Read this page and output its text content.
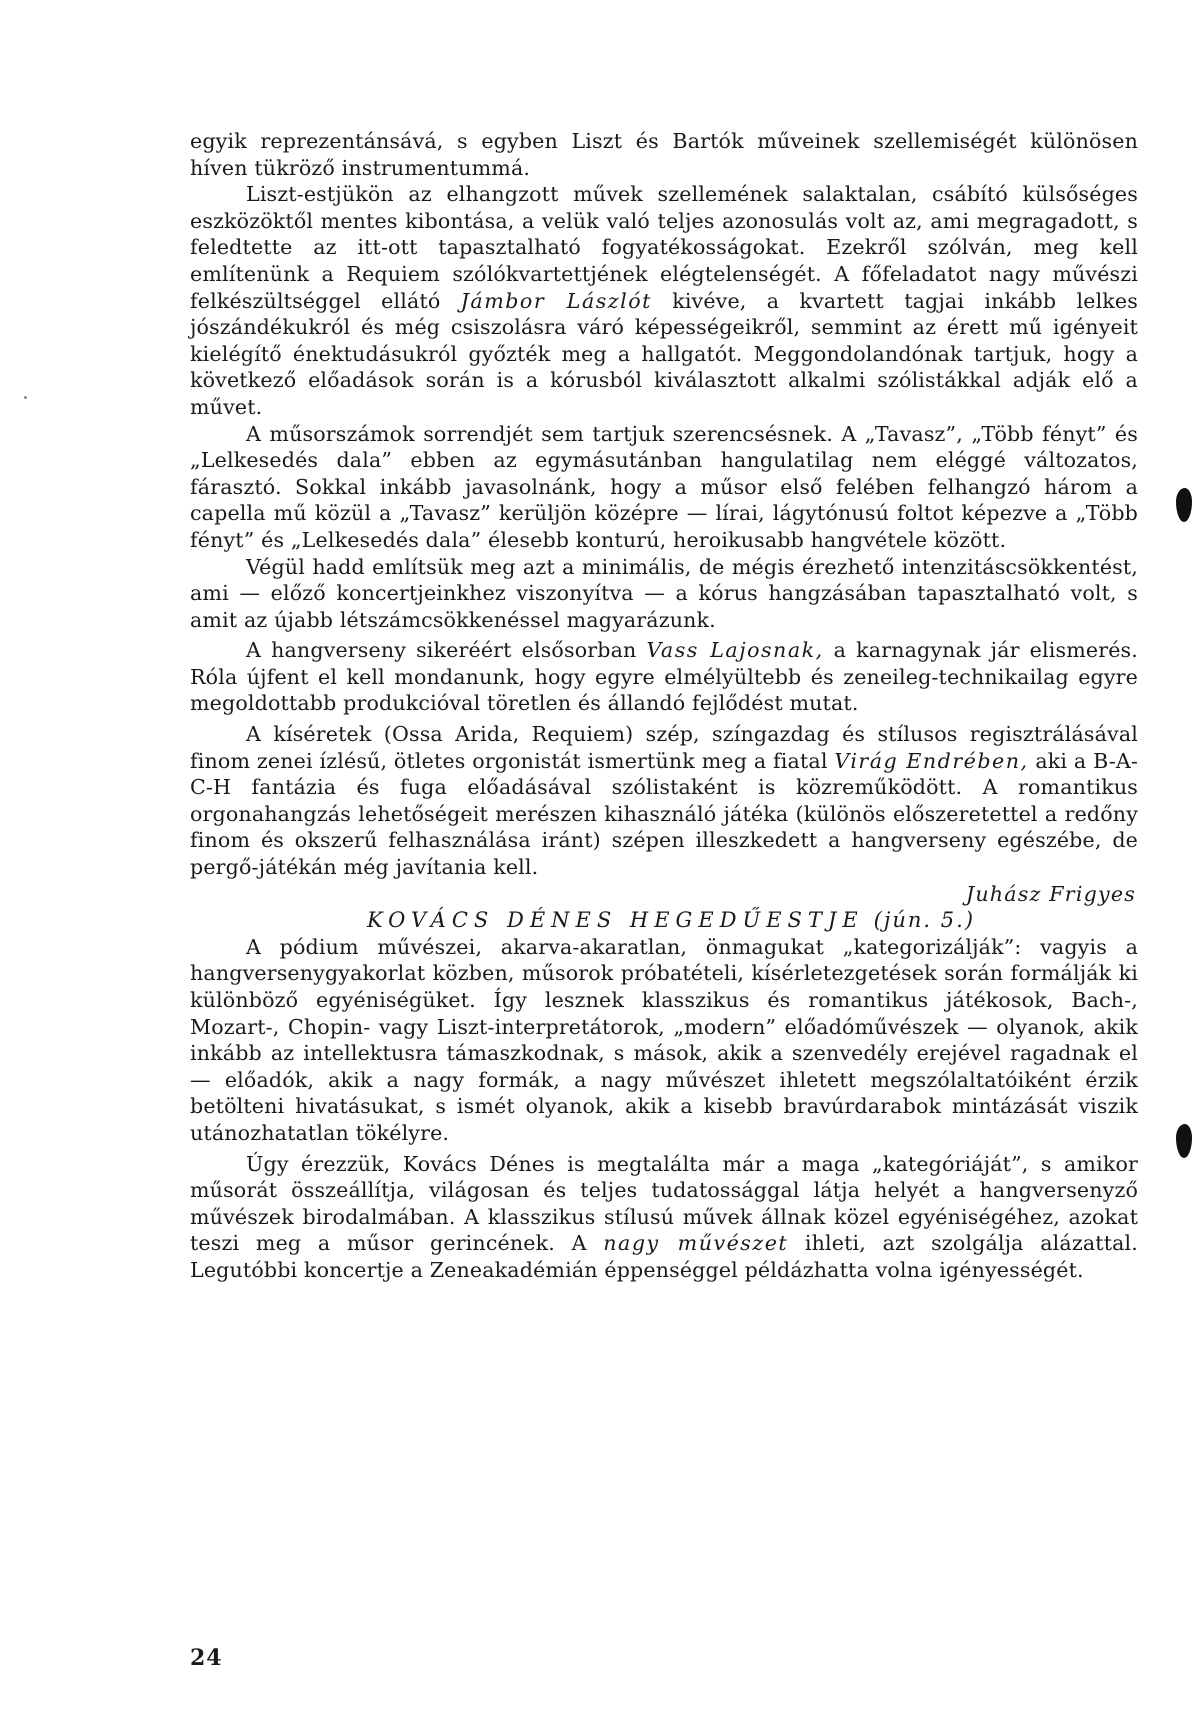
egyik reprezentánsává, s egyben Liszt és Bartók műveinek szellemiségét különösen híven tükröző instrumentummá.

Liszt-estjükön az elhangzott művek szellemének salaktalan, csábító külsőséges eszközöktől mentes kibontása, a velük való teljes azonosulás volt az, ami megragadott, s feledtette az itt-ott tapasztalható fogyatékosságokat. Ezekről szólván, meg kell említenünk a Requiem szólókvartettjének elégtelenségét. A főfeladatot nagy művészi felkészültséggel ellátó Jámbor Lászlót kivéve, a kvartett tagjai inkább lelkes jószándékukról és még csiszolásra váró képességeikről, semmint az érett mű igényeit kielégítő énektudásukról győzték meg a hallgatót. Meggondolandónak tartjuk, hogy a következő előadások során is a kórusból kiválasztott alkalmi szólistákkal adják elő a művet.

A műsorszámok sorrendjét sem tartjuk szerencsésnek. A „Tavasz”, „Több fényt” és „Lelkesedés dala” ebben az egymásutánban hangulatilag nem eléggé változatos, fárasztó. Sokkal inkább javasolnánk, hogy a műsor első felében felhangzó három a capella mű közül a „Tavasz” kerüljön középre — lírai, lágytónusú foltot képezve a „Több fényt” és „Lelkesedés dala” élesebb konturú, heroikusabb hangvétele között.

Végül hadd említsük meg azt a minimális, de mégis érezhető intenzitáscsökkentést, ami — előző koncertjeinkhez viszonyítva — a kórus hangzásában tapasztalható volt, s amit az újabb létszámcsökkenéssel magyarázunk.

A hangverseny sikeréért elsősorban Vass Lajosnak, a karnagynak jár elismerés. Róla újfent el kell mondanunk, hogy egyre elmélyültebb és zeneileg-technikailag egyre megoldottabb produkcióval töretlen és állandó fejlődést mutat.

A kíséretek (Ossa Arida, Requiem) szép, színgazdag és stílusos regisztrálásával finom zenei ízlésű, ötletes orgonistát ismertünk meg a fiatal Virág Endrében, aki a B-A-C-H fantázia és fuga előadásával szólistaként is közreműködött. A romantikus orgonahangzás lehetőségeit merészen kihasználó játéka (különös előszeretettel a redőny finom és okszerű felhasználása iránt) szépen illeszkedett a hangverseny egészébe, de pergő-játékán még javítania kell.

Juhász Frigyes

KOVÁCS DÉNES HEGEDŰESTJE (jún. 5.)

A pódium művészei, akarva-akaratlan, önmagukat „kategorizálják”: vagyis a hangversenygyakorlat közben, műsorok próbatételi, kísérletezgetések során formálják ki különböző egyéniségüket. Így lesznek klasszikus és romantikus játékosok, Bach-, Mozart-, Chopin- vagy Liszt-interpretátorok, „modern” előadóművészek — olyanok, akik inkább az intellektusra támaszkodnak, s mások, akik a szenvedély erejével ragadnak el — előadók, akik a nagy formák, a nagy művészet ihletett megszólaltatóiként érzik betölteni hivatásukat, s ismét olyanok, akik a kisebb bravúrdarabok mintázását viszik utánozhatatlan tökélyre.

Úgy érezzük, Kovács Dénes is megtalálta már a maga „kategóriáját”, s amikor műsorát összeállítja, világosan és teljes tudatossággal látja helyét a hangversenyző művészek birodalmában. A klasszikus stílusú művek állnak közel egyéniségéhez, azokat teszi meg a műsor gerincének. A nagy művészet ihleti, azt szolgálja alázattal. Legutóbbi koncertje a Zeneakadémián éppenséggel példázhatta volna igényességét.

24
